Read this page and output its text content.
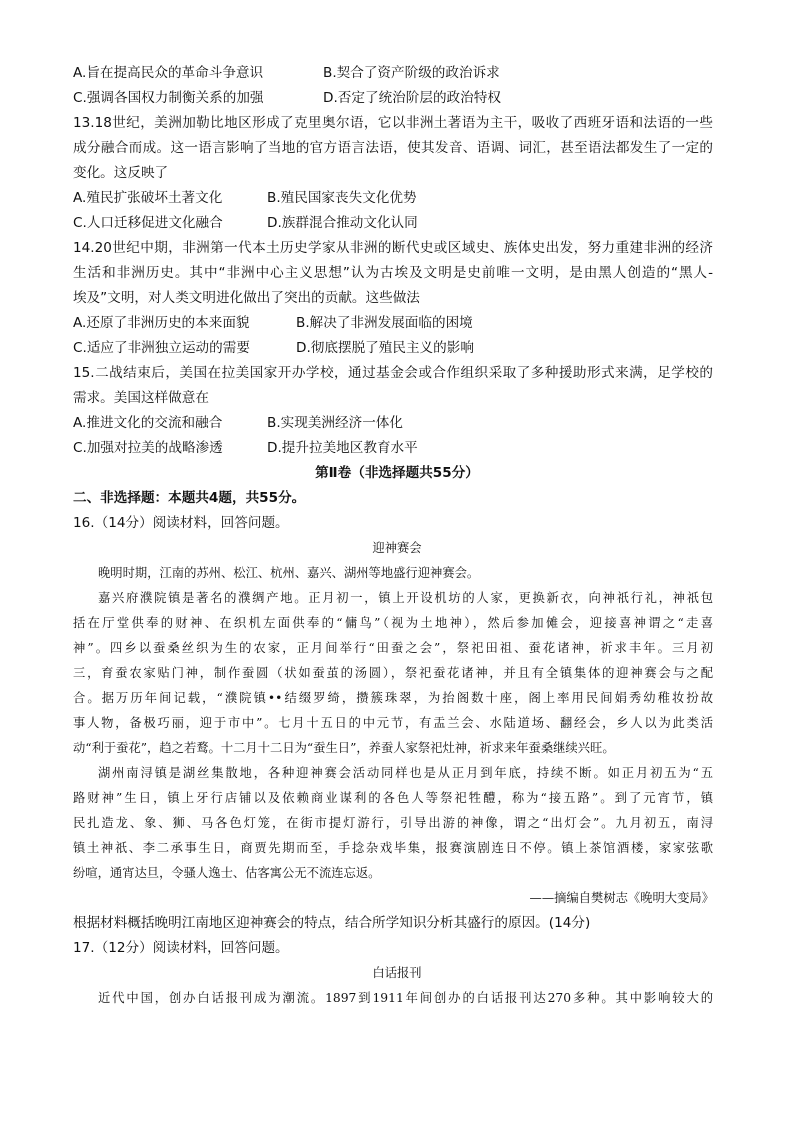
A.旨在提高民众的革命斗争意识	B.契合了资产阶级的政治诉求
C.强调各国权力制衡关系的加强	D.否定了统治阶层的政治特权
13.18世纪，美洲加勒比地区形成了克里奥尔语，它以非洲土著语为主干，吸收了西班牙语和法语的一些
成分融合而成。这一语言影响了当地的官方语言法语，使其发音、语调、词汇，甚至语法都发生了一定的
变化。这反映了
A.殖民扩张破坏土著文化	B.殖民国家丧失文化优势
C.人口迁移促进文化融合	D.族群混合推动文化认同
14.20世纪中期，非洲第一代本土历史学家从非洲的断代史或区域史、族体史出发，努力重建非洲的经济
生活和非洲历史。其中“非洲中心主义思想”认为古埃及文明是史前唯一文明，是由黑人创造的“黑人-
埃及”文明，对人类文明进化做出了突出的贡献。这些做法
A.还原了非洲历史的本来面貌	B.解决了非洲发展面临的困境
C.适应了非洲独立运动的需要	D.彻底摆脱了殖民主义的影响
15.二战结束后，美国在拉美国家开办学校，通过基金会或合作组织采取了多种援助形式来满，足学校的
需求。美国这样做意在
A.推进文化的交流和融合	B.实现美洲经济一体化
C.加强对拉美的战略渗透	D.提升拉美地区教育水平
第Ⅱ卷（非选择题共55分）
二、非选择题：本题共4题，共55分。
16.（14分）阅读材料，回答问题。
迎神赛会
晚明时期，江南的苏州、松江、杭州、嘉兴、湖州等地盛行迎神赛会。
嘉兴府濮院镇是著名的濮绸产地。正月初一，镇上开设机坊的人家，更换新衣，向神祇行礼，神祇包
括在厅堂供奉的财神、在织机左面供奉的“傭鸟”（视为土地神），然后参加傩会，迎接喜神谓之“走喜
神”。四乡以蚕桑丝织为生的农家，正月间举行“田蚕之会”，祭祀田祖、蚕花诸神，祈求丰年。三月初
三，育蚕农家贴门神，制作蚕圆（状如蚕茧的汤圆），祭祀蚕花诸神，并且有全镇集体的迎神赛会与之配
合。据万历年间记载，“濮院镇••结缀罗绮，攒簇珠翠，为抬阁数十座，阁上率用民间娟秀幼稚妆扮故
事人物，备极巧丽，迎于市中”。七月十五日的中元节，有盂兰会、水陆道场、翻经会，乡人以为此类活
动“利于蚕花”，趋之若鹜。十二月十二日为“蚕生日”，养蚕人家祭祀灶神，祈求来年蚕桑继续兴旺。
湖州南浔镇是湖丝集散地，各种迎神赛会活动同样也是从正月到年底，持续不断。如正月初五为“五
路财神”生日，镇上牙行店铺以及依赖商业谋利的各色人等祭祀牲醴，称为“接五路”。到了元宵节，镇
民扎造龙、象、狮、马各色灯笼，在街市提灯游行，引导出游的神像，谓之“出灯会”。九月初五，南浔
镇土神祇、李二承事生日，商贾先期而至，手捻杂戏毕集，报赛演剧连日不停。镇上茶馆酒楼，家家弦歌
纷喧，通宵达旦，令骚人逸士、估客寓公无不流连忘返。
——摘编自樊树志《晚明大变局》
根据材料概括晚明江南地区迎神赛会的特点，结合所学知识分析其盛行的原因。(14分)
17.（12分）阅读材料，回答问题。
白话报刊
近代中国，创办白话报刊成为潮流。1897到1911年间创办的白话报刊达270多种。其中影响较大的
